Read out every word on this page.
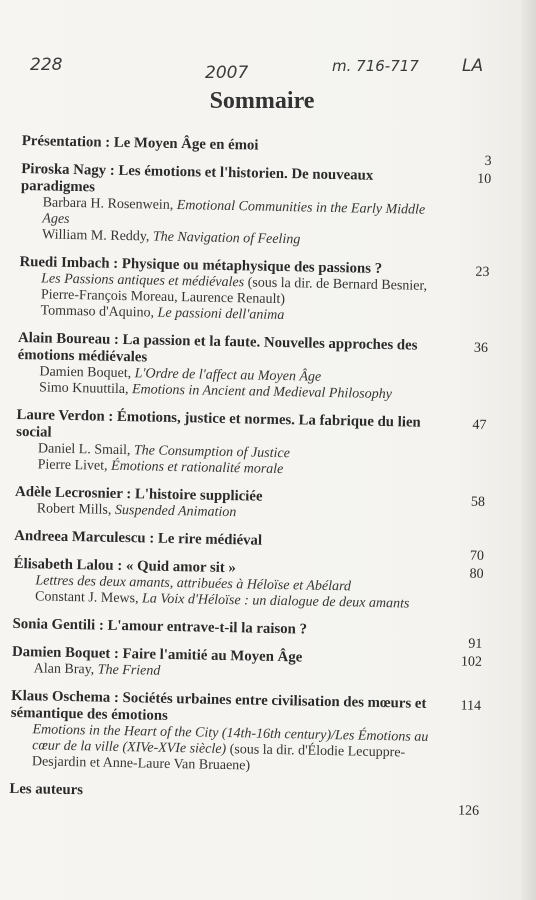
228	2007	m. 716-717	LA
Sommaire
Présentation : Le Moyen Âge en émoi
3
Piroska Nagy : Les émotions et l'historien. De nouveaux paradigmes
Barbara H. Rosenwein, Emotional Communities in the Early Middle Ages
William M. Reddy, The Navigation of Feeling
10
Ruedi Imbach : Physique ou métaphysique des passions ?
Les Passions antiques et médiévales (sous la dir. de Bernard Besnier, Pierre-François Moreau, Laurence Renault)
Tommaso d'Aquino, Le passioni dell'anima
23
Alain Boureau : La passion et la faute. Nouvelles approches des émotions médiévales
Damien Boquet, L'Ordre de l'affect au Moyen Âge
Simo Knuuttila, Emotions in Ancient and Medieval Philosophy
36
Laure Verdon : Émotions, justice et normes. La fabrique du lien social
Daniel L. Smail, The Consumption of Justice
Pierre Livet, Émotions et rationalité morale
47
Adèle Lecrosnier : L'histoire suppliciée
Robert Mills, Suspended Animation
58
Andreea Marculescu : Le rire médiéval
70
Élisabeth Lalou : « Quid amor sit »
Lettres des deux amants, attribuées à Héloïse et Abélard
Constant J. Mews, La Voix d'Héloïse : un dialogue de deux amants
80
Sonia Gentili : L'amour entrave-t-il la raison ?
91
Damien Boquet : Faire l'amitié au Moyen Âge
Alan Bray, The Friend
102
Klaus Oschema : Sociétés urbaines entre civilisation des mœurs et sémantique des émotions
Emotions in the Heart of the City (14th-16th century)/Les Émotions au cœur de la ville (XIVe-XVIe siècle) (sous la dir. d'Élodie Lecuppre-Desjardin et Anne-Laure Van Bruaene)
114
Les auteurs
126
